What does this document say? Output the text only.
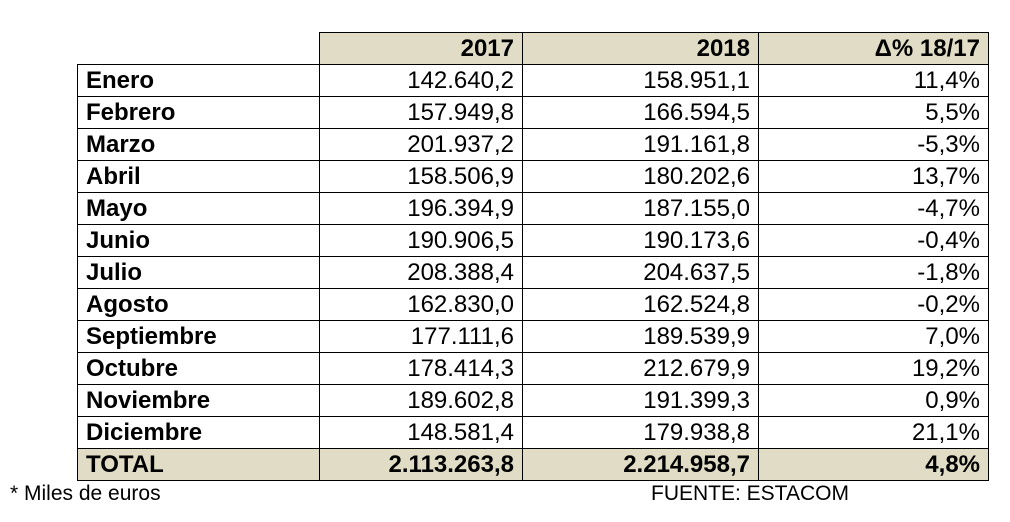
	2017	2018	Δ% 18/17
Enero	142.640,2	158.951,1	11,4%
Febrero	157.949,8	166.594,5	5,5%
Marzo	201.937,2	191.161,8	-5,3%
Abril	158.506,9	180.202,6	13,7%
Mayo	196.394,9	187.155,0	-4,7%
Junio	190.906,5	190.173,6	-0,4%
Julio	208.388,4	204.637,5	-1,8%
Agosto	162.830,0	162.524,8	-0,2%
Septiembre	177.111,6	189.539,9	7,0%
Octubre	178.414,3	212.679,9	19,2%
Noviembre	189.602,8	191.399,3	0,9%
Diciembre	148.581,4	179.938,8	21,1%
TOTAL	2.113.263,8	2.214.958,7	4,8%
* Miles de euros	FUENTE: ESTACOM
